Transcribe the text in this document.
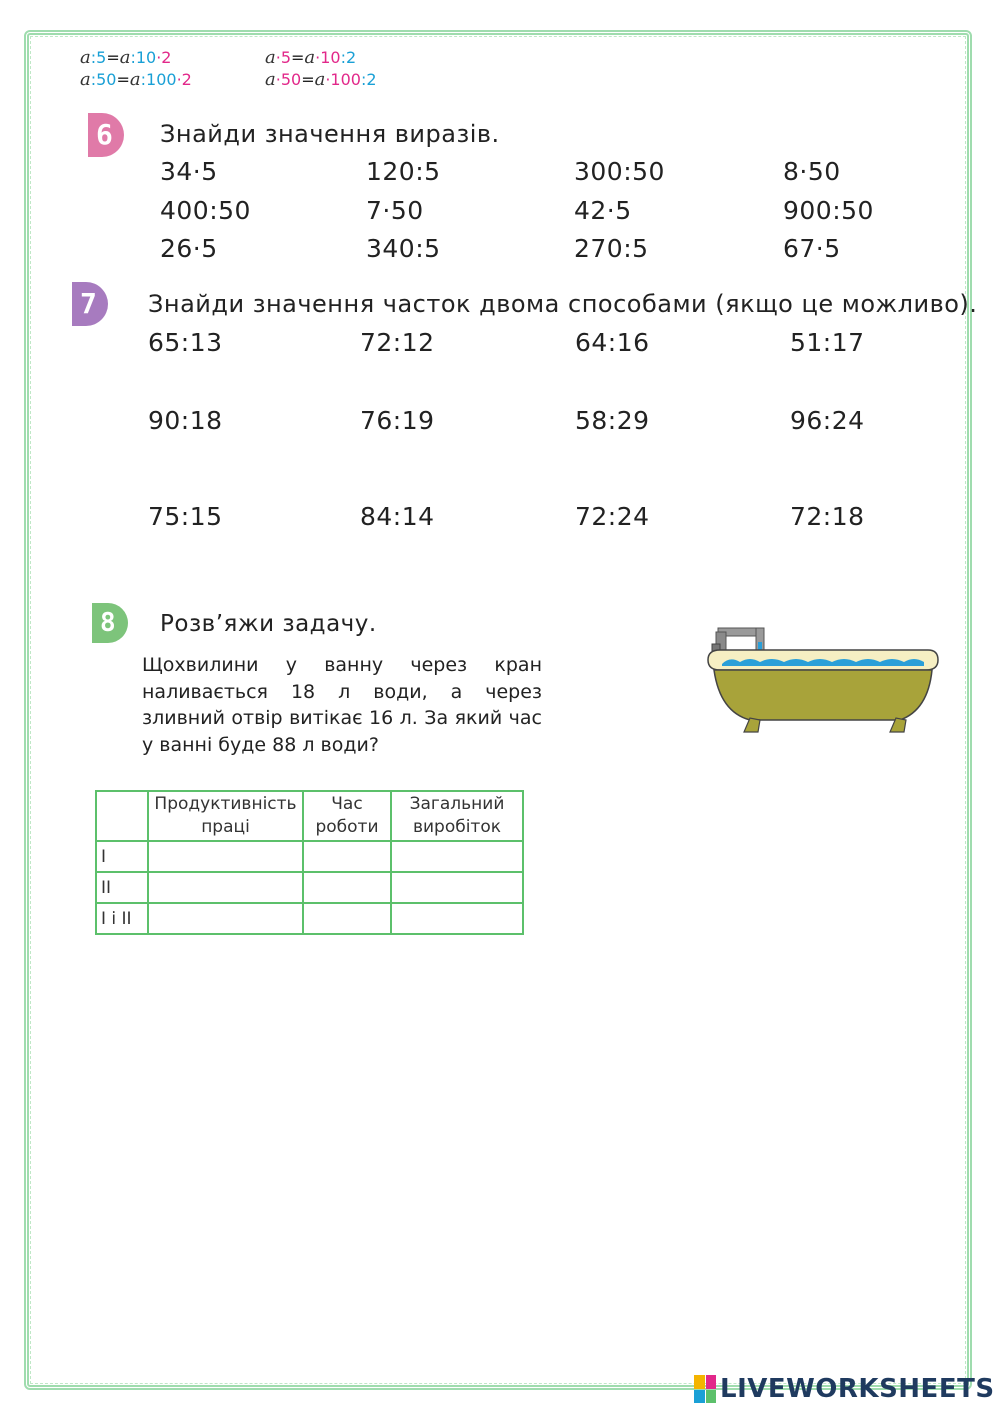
a:5=a:10·2
a:50=a:100·2
a·5=a·10:2
a·50=a·100:2
6	Знайди значення виразів.
34·5	120:5	300:50	8·50
400:50	7·50	42·5	900:50
26·5	340:5	270:5	67·5
7	Знайди значення часток двома способами (якщо це можливо).
65:13	72:12	64:16	51:17
90:18	76:19	58:29	96:24
75:15	84:14	72:24	72:18
8	Розв’яжи задачу.
Щохвилини у ванну через кран наливається 18 л води, а через зливний отвір витікає 16 л. За який час у ванні буде 88 л води?
	Продуктивність праці	Час роботи	Загальний виробіток
I			
II			
I і II			
LIVEWORKSHEETS
